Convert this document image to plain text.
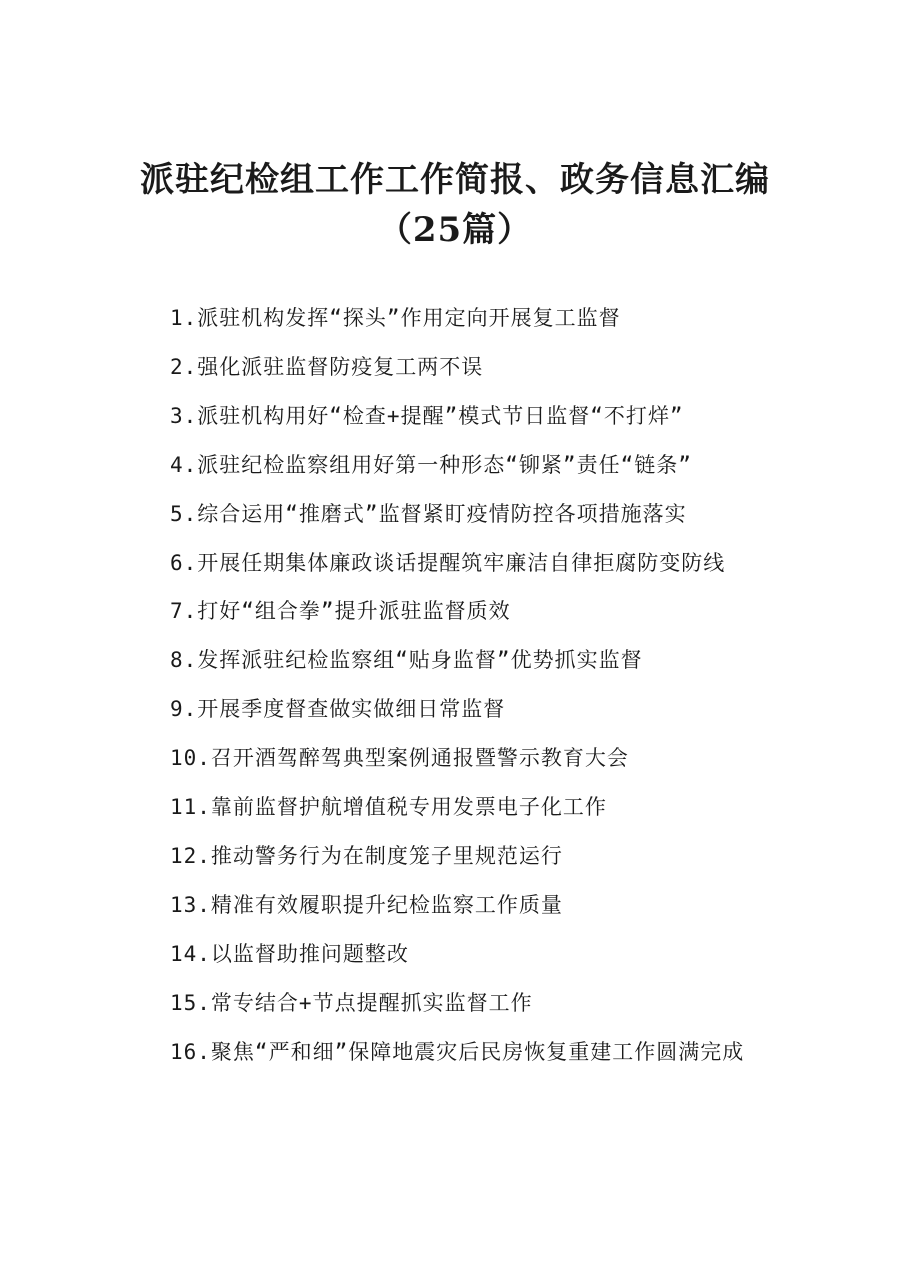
派驻纪检组工作工作简报、政务信息汇编（25篇）
1.派驻机构发挥“探头”作用定向开展复工监督
2.强化派驻监督防疫复工两不误
3.派驻机构用好“检查+提醒”模式节日监督“不打烊”
4.派驻纪检监察组用好第一种形态“铆紧”责任“链条”
5.综合运用“推磨式”监督紧盯疫情防控各项措施落实
6.开展任期集体廉政谈话提醒筑牢廉洁自律拒腐防变防线
7.打好“组合拳”提升派驻监督质效
8.发挥派驻纪检监察组“贴身监督”优势抓实监督
9.开展季度督查做实做细日常监督
10.召开酒驾醉驾典型案例通报暨警示教育大会
11.靠前监督护航增值税专用发票电子化工作
12.推动警务行为在制度笼子里规范运行
13.精准有效履职提升纪检监察工作质量
14.以监督助推问题整改
15.常专结合+节点提醒抓实监督工作
16.聚焦“严和细”保障地震灾后民房恢复重建工作圆满完成
